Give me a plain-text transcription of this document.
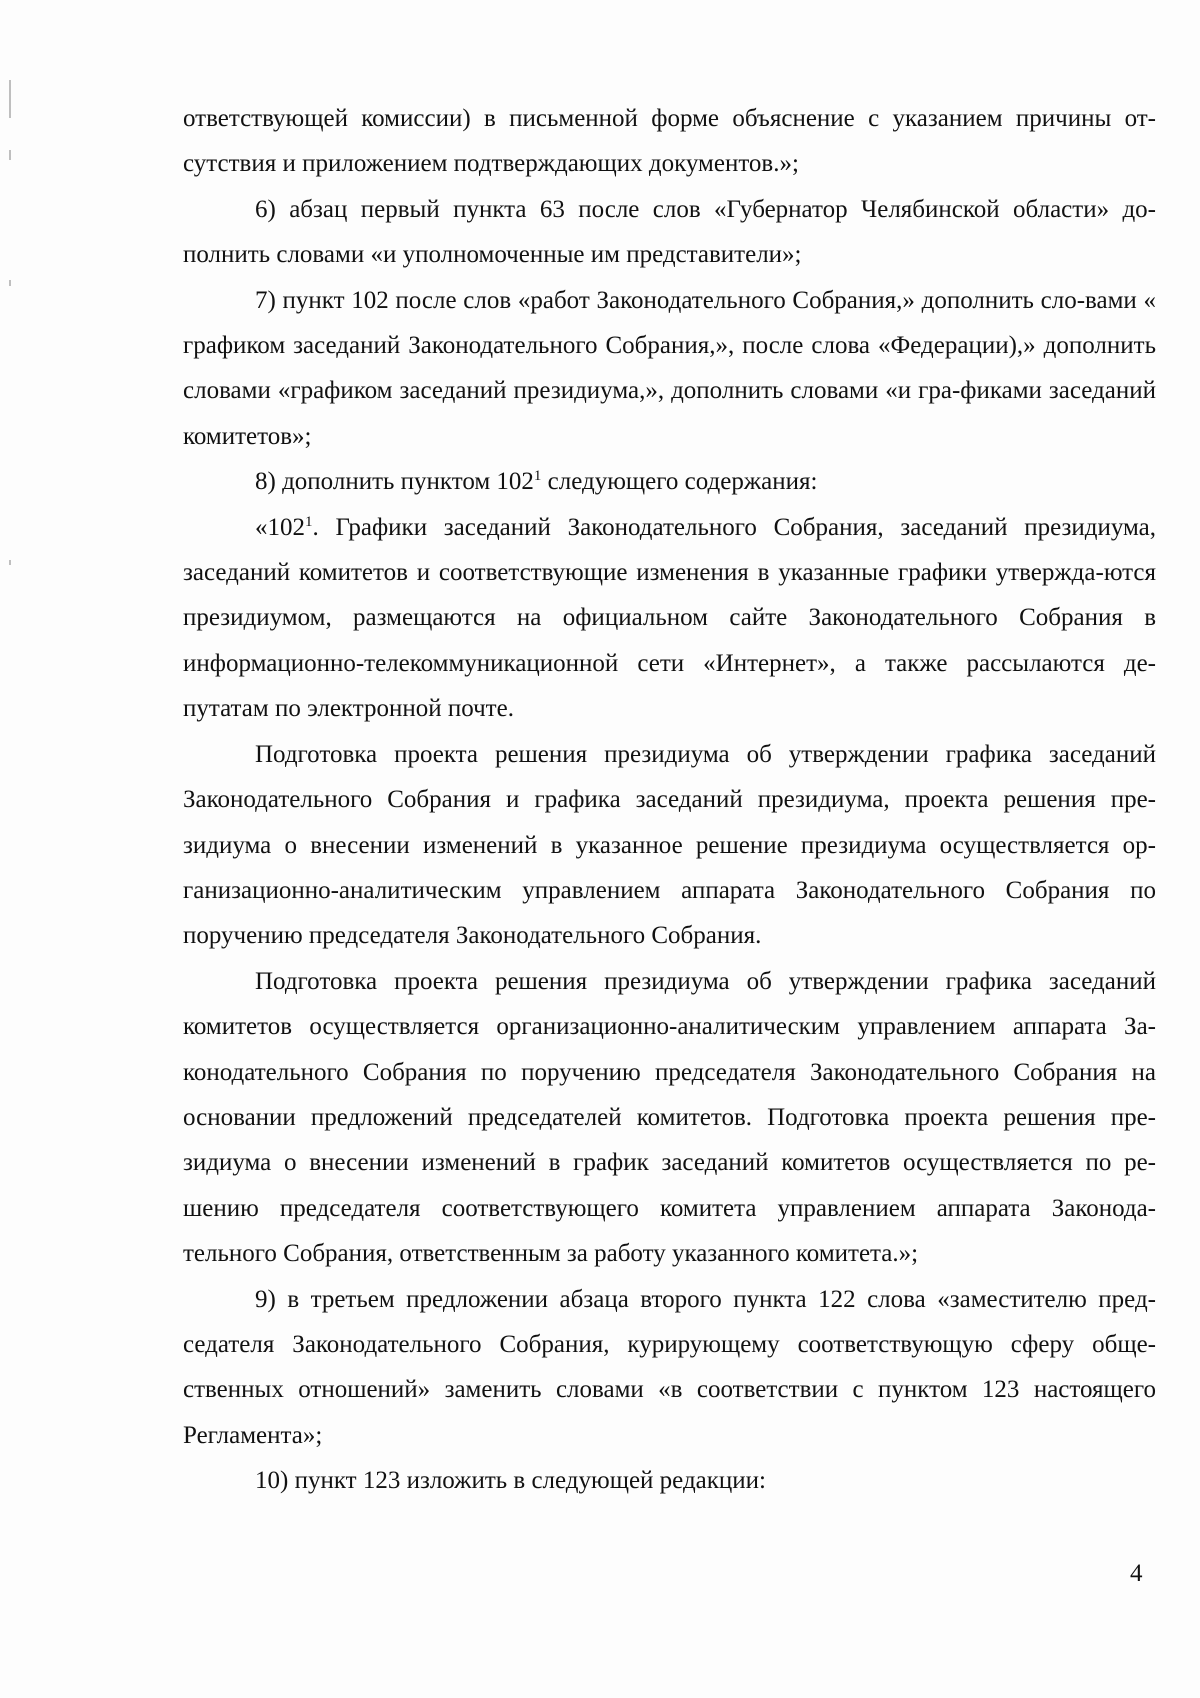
ответствующей комиссии) в письменной форме объяснение с указанием причины от-сутствия и приложением подтверждающих документов.»;

6) абзац первый пункта 63 после слов «Губернатор Челябинской области» до-полнить словами «и уполномоченные им представители»;

7) пункт 102 после слов «работ Законодательного Собрания,» дополнить сло-вами « графиком заседаний Законодательного Собрания,», после слова «Федерации),» дополнить словами «графиком заседаний президиума,», дополнить словами «и гра-фиками заседаний комитетов»;

8) дополнить пунктом $102^1$ следующего содержания:

«$102^1$. Графики заседаний Законодательного Собрания, заседаний президиума, заседаний комитетов и соответствующие изменения в указанные графики утвержда-ются президиумом, размещаются на официальном сайте Законодательного Собрания в информационно-телекоммуникационной сети «Интернет», а также рассылаются де-путатам по электронной почте.

Подготовка проекта решения президиума об утверждении графика заседаний Законодательного Собрания и графика заседаний президиума, проекта решения пре-зидиума о внесении изменений в указанное решение президиума осуществляется ор-ганизационно-аналитическим управлением аппарата Законодательного Собрания по поручению председателя Законодательного Собрания.

Подготовка проекта решения президиума об утверждении графика заседаний комитетов осуществляется организационно-аналитическим управлением аппарата За-конодательного Собрания по поручению председателя Законодательного Собрания на основании предложений председателей комитетов. Подготовка проекта решения пре-зидиума о внесении изменений в график заседаний комитетов осуществляется по ре-шению председателя соответствующего комитета управлением аппарата Законода-тельного Собрания, ответственным за работу указанного комитета.»;

9) в третьем предложении абзаца второго пункта 122 слова «заместителю пред-седателя Законодательного Собрания, курирующему соответствующую сферу обще-ственных отношений» заменить словами «в соответствии с пунктом 123 настоящего Регламента»;

10) пункт 123 изложить в следующей редакции:

4
